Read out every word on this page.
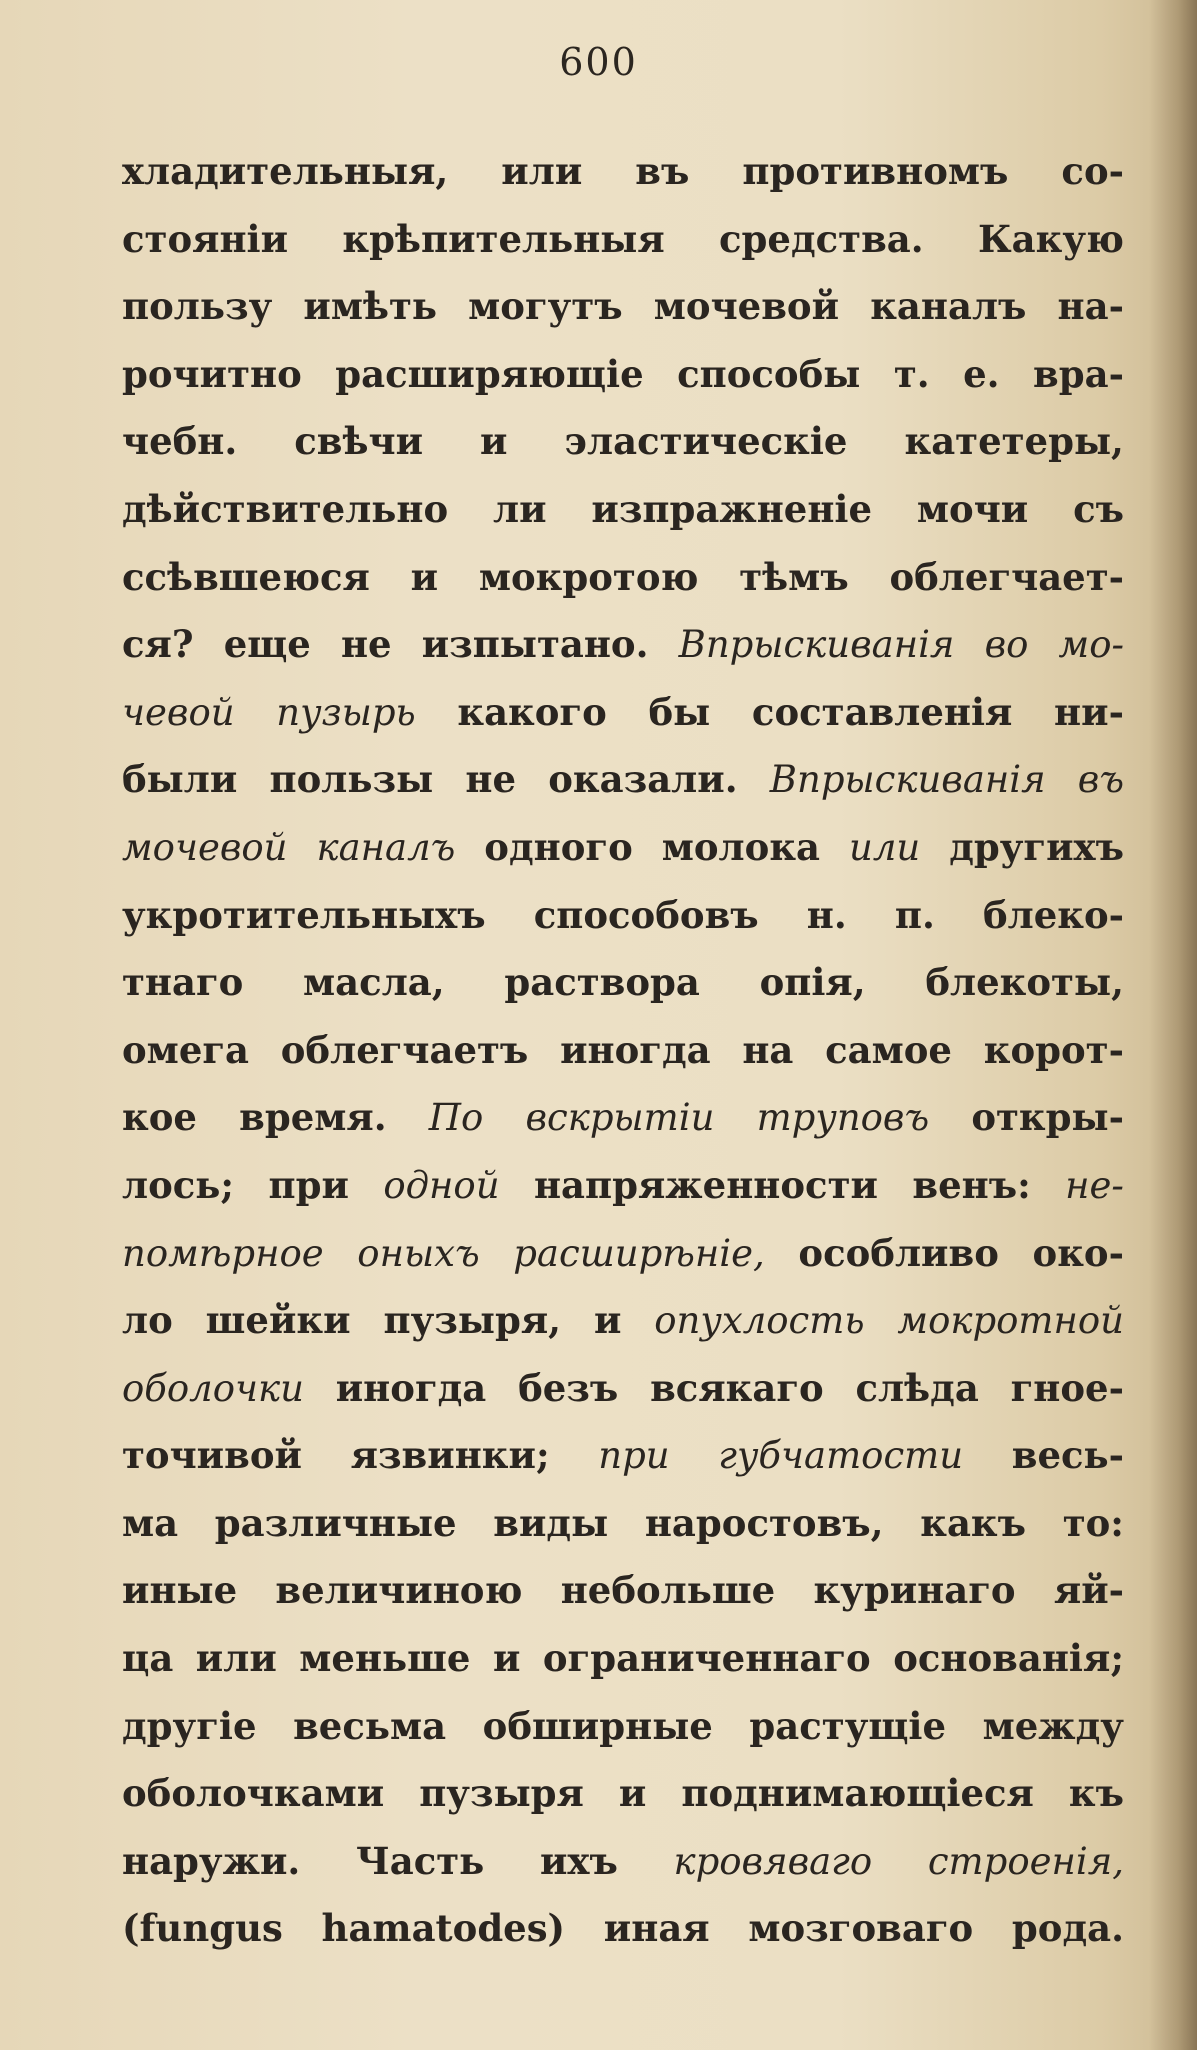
600
хладительныя, или въ противномъ со-
стояніи крѣпительныя средства. Какую
пользу имѣть могутъ мочевой каналъ на-
рочитно расширяющіе способы т. е. вра-
чебн. свѣчи и эластическіе катетеры,
дѣйствительно ли изпражненіе мочи съ
ссѣвшеюся и мокротою тѣмъ облегчает-
ся? еще не изпытано. Впрыскиванія во мо-
чевой пузырь какого бы составленія ни-
были пользы не оказали. Впрыскиванія въ
мочевой каналъ одного молока или другихъ
укротительныхъ способовъ н. п. блеко-
тнаго масла, раствора опія, блекоты,
омега облегчаетъ иногда на самое корот-
кое время. По вскрытіи труповъ откры-
лось; при одной напряженности венъ: не-
помѣрное оныхъ расширѣніе, особливо око-
ло шейки пузыря, и опухлость мокротной
оболочки иногда безъ всякаго слѣда гное-
точивой язвинки; при губчатости весь-
ма различные виды наростовъ, какъ то:
иные величиною небольше куринаго яй-
ца или меньше и ограниченнаго основанія;
другіе весьма обширные растущіе между
оболочками пузыря и поднимающіеся къ
наружи. Часть ихъ кровяваго строенія,
(fungus hamatodes) иная мозговаго рода.
